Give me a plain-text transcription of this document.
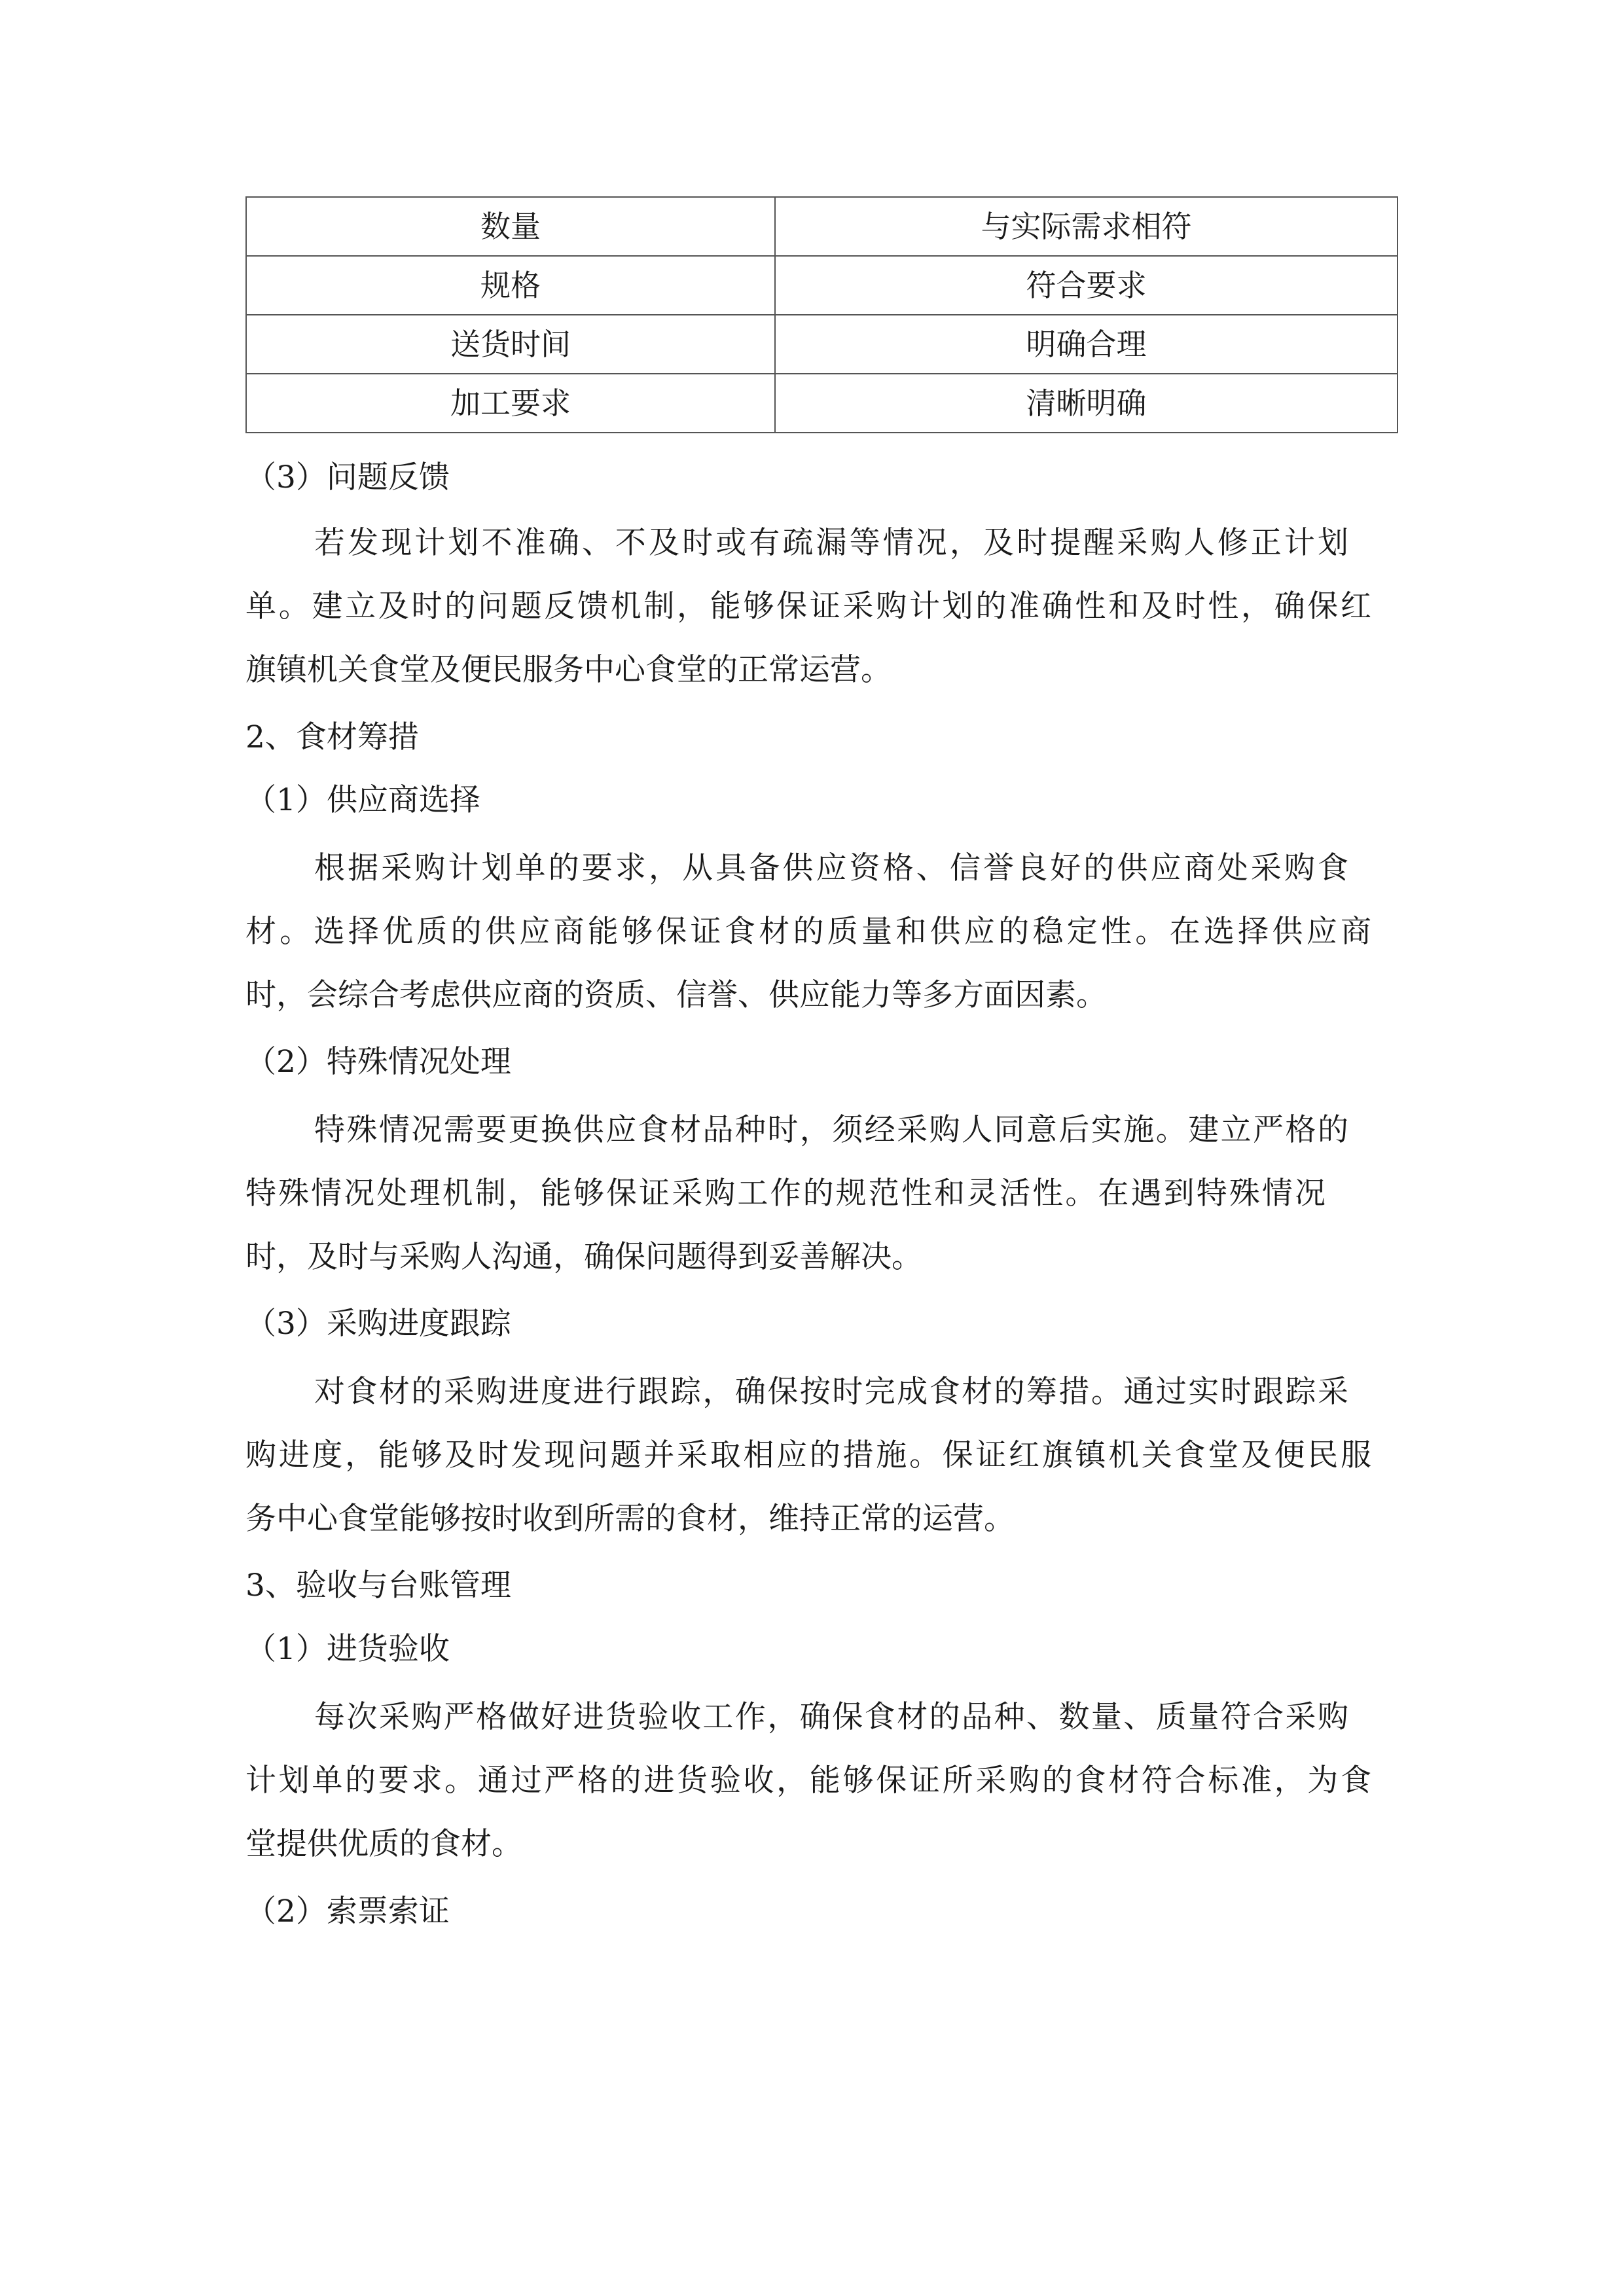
数量	与实际需求相符
规格	符合要求
送货时间	明确合理
加工要求	清晰明确
（3）问题反馈
若发现计划不准确、不及时或有疏漏等情况，及时提醒采购人修正计划
单。建立及时的问题反馈机制，能够保证采购计划的准确性和及时性，确保红
旗镇机关食堂及便民服务中心食堂的正常运营。
2、食材筹措
（1）供应商选择
根据采购计划单的要求，从具备供应资格、信誉良好的供应商处采购食
材。选择优质的供应商能够保证食材的质量和供应的稳定性。在选择供应商
时，会综合考虑供应商的资质、信誉、供应能力等多方面因素。
（2）特殊情况处理
特殊情况需要更换供应食材品种时，须经采购人同意后实施。建立严格的
特殊情况处理机制，能够保证采购工作的规范性和灵活性。在遇到特殊情况
时，及时与采购人沟通，确保问题得到妥善解决。
（3）采购进度跟踪
对食材的采购进度进行跟踪，确保按时完成食材的筹措。通过实时跟踪采
购进度，能够及时发现问题并采取相应的措施。保证红旗镇机关食堂及便民服
务中心食堂能够按时收到所需的食材，维持正常的运营。
3、验收与台账管理
（1）进货验收
每次采购严格做好进货验收工作，确保食材的品种、数量、质量符合采购
计划单的要求。通过严格的进货验收，能够保证所采购的食材符合标准，为食
堂提供优质的食材。
（2）索票索证
